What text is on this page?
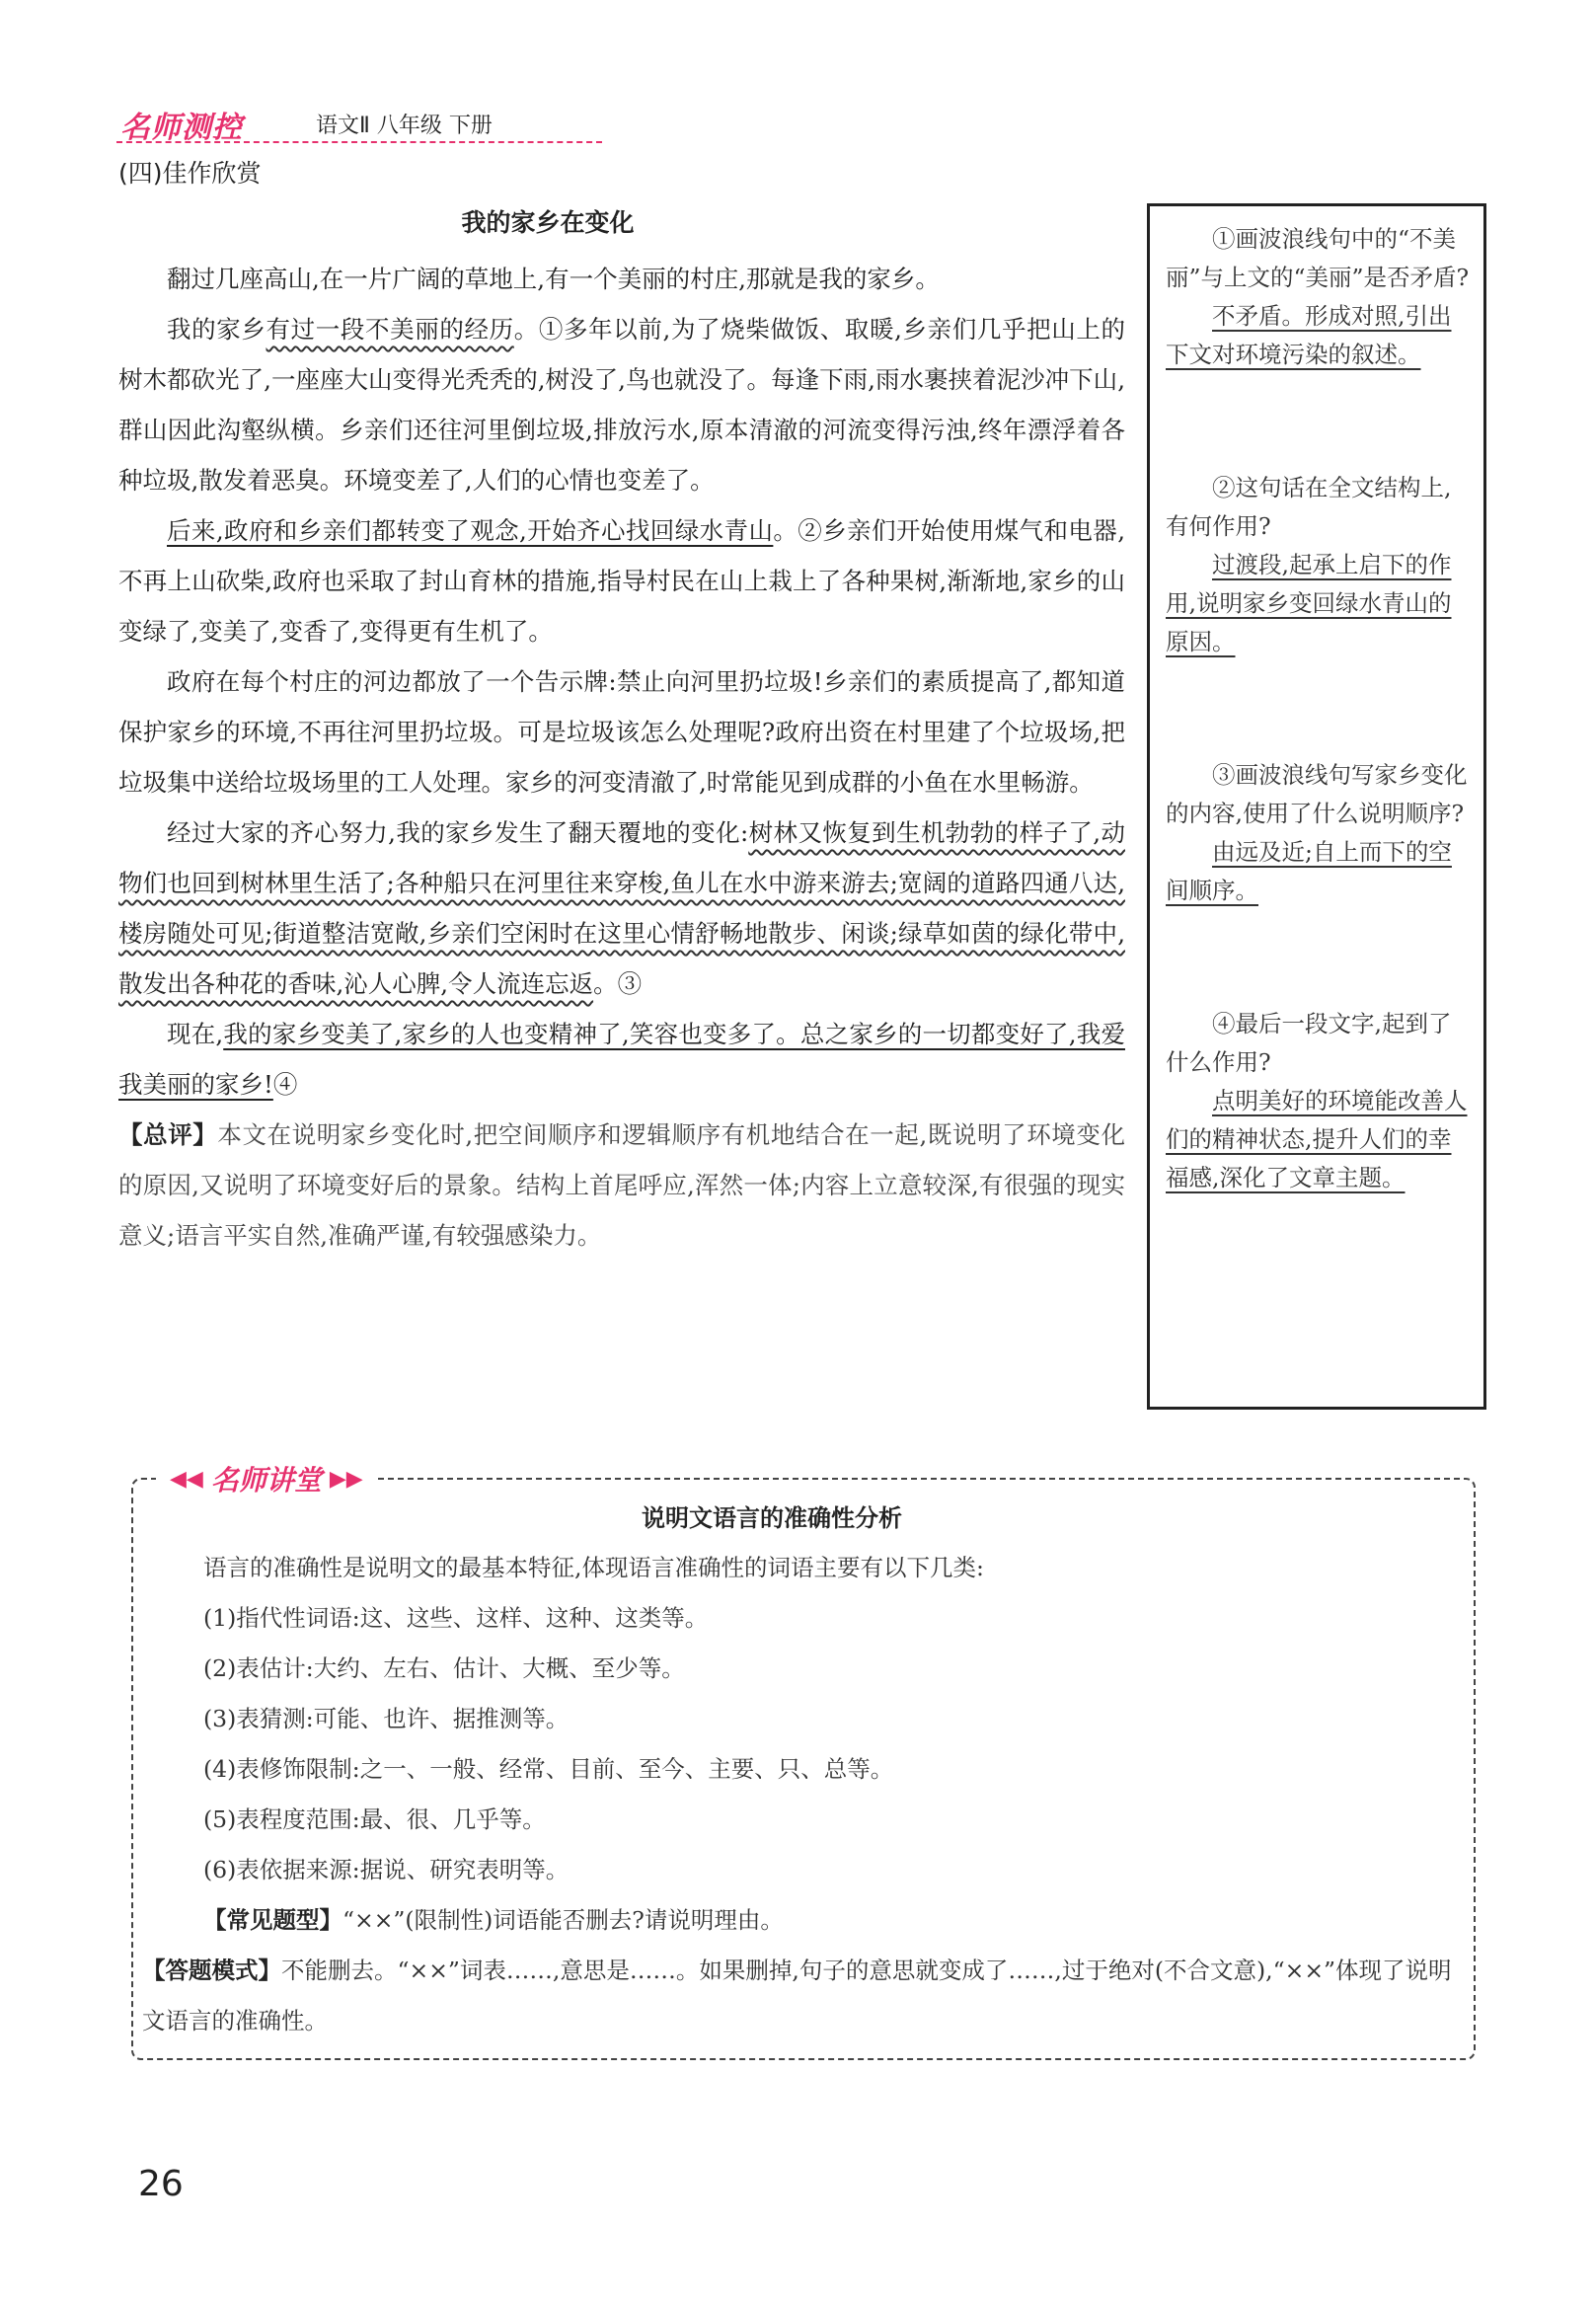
名师测控	语文Ⅱ 八年级 下册
(四)佳作欣赏
我的家乡在变化

翻过几座高山,在一片广阔的草地上,有一个美丽的村庄,那就是我的家乡。

我的家乡有过一段不美丽的经历。①多年以前,为了烧柴做饭、取暖,乡亲们几乎把山上的树木都砍光了,一座座大山变得光秃秃的,树没了,鸟也就没了。每逢下雨,雨水裹挟着泥沙冲下山,群山因此沟壑纵横。乡亲们还往河里倒垃圾,排放污水,原本清澈的河流变得污浊,终年漂浮着各种垃圾,散发着恶臭。环境变差了,人们的心情也变差了。

后来,政府和乡亲们都转变了观念,开始齐心找回绿水青山。②乡亲们开始使用煤气和电器,不再上山砍柴,政府也采取了封山育林的措施,指导村民在山上栽上了各种果树,渐渐地,家乡的山变绿了,变美了,变香了,变得更有生机了。

政府在每个村庄的河边都放了一个告示牌:禁止向河里扔垃圾!乡亲们的素质提高了,都知道保护家乡的环境,不再往河里扔垃圾。可是垃圾该怎么处理呢?政府出资在村里建了个垃圾场,把垃圾集中送给垃圾场里的工人处理。家乡的河变清澈了,时常能见到成群的小鱼在水里畅游。

经过大家的齐心努力,我的家乡发生了翻天覆地的变化:树林又恢复到生机勃勃的样子了,动物们也回到树林里生活了;各种船只在河里往来穿梭,鱼儿在水中游来游去;宽阔的道路四通八达,楼房随处可见;街道整洁宽敞,乡亲们空闲时在这里心情舒畅地散步、闲谈;绿草如茵的绿化带中,散发出各种花的香味,沁人心脾,令人流连忘返。③

现在,我的家乡变美了,家乡的人也变精神了,笑容也变多了。总之家乡的一切都变好了,我爱我美丽的家乡!④

【总评】本文在说明家乡变化时,把空间顺序和逻辑顺序有机地结合在一起,既说明了环境变化的原因,又说明了环境变好后的景象。结构上首尾呼应,浑然一体;内容上立意较深,有很强的现实意义;语言平实自然,准确严谨,有较强感染力。

①画波浪线句中的“不美丽”与上文的“美丽”是否矛盾?

不矛盾。形成对照,引出下文对环境污染的叙述。

②这句话在全文结构上,有何作用?

过渡段,起承上启下的作用,说明家乡变回绿水青山的原因。

③画波浪线句写家乡变化的内容,使用了什么说明顺序?

由远及近;自上而下的空间顺序。

④最后一段文字,起到了什么作用?

点明美好的环境能改善人们的精神状态,提升人们的幸福感,深化了文章主题。

◀◀ 名师讲堂 ▶▶
说明文语言的准确性分析

语言的准确性是说明文的最基本特征,体现语言准确性的词语主要有以下几类:

(1)指代性词语:这、这些、这样、这种、这类等。

(2)表估计:大约、左右、估计、大概、至少等。

(3)表猜测:可能、也许、据推测等。

(4)表修饰限制:之一、一般、经常、目前、至今、主要、只、总等。

(5)表程度范围:最、很、几乎等。

(6)表依据来源:据说、研究表明等。

【常见题型】“××”(限制性)词语能否删去?请说明理由。

【答题模式】不能删去。“××”词表……,意思是……。如果删掉,句子的意思就变成了……,过于绝对(不合文意),“××”体现了说明文语言的准确性。

26
